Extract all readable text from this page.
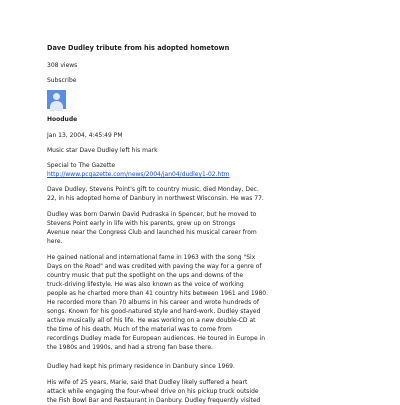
Dave Dudley tribute from his adopted hometown
308 views
Subscribe
Hoodude
Jan 13, 2004, 4:45:49 PM
Music star Dave Dudley left his mark
Special to The Gazette
http://www.pcgazette.com/news/2004/jan04/dudley1-02.htm
Dave Dudley, Stevens Point's gift to country music, died Monday, Dec.
22, in his adopted home of Danbury in northwest Wisconsin. He was 77.
Dudley was born Darwin David Pudraska in Spencer, but he moved to
Stevens Point early in life with his parents, grew up on Strongs
Avenue near the Congress Club and launched his musical career from
here.
He gained national and international fame in 1963 with the song "Six
Days on the Road" and was credited with paving the way for a genre of
country music that put the spotlight on the ups and downs of the
truck-driving lifestyle. He was also known as the voice of working
people as he charted more than 41 country hits between 1961 and 1980.
He recorded more than 70 albums in his career and wrote hundreds of
songs. Known for his good-natured style and hard-work, Dudley stayed
active musically all of his life. He was working on a new double-CD at
the time of his death. Much of the material was to come from
recordings Dudley made for European audiences. He toured in Europe in
the 1980s and 1990s, and had a strong fan base there.
Dudley had kept his primary residence in Danbury since 1969.
His wife of 25 years, Marie, said that Dudley likely suffered a heart
attack while engaging the four-wheel drive on his pickup truck outside
the Fish Bowl Bar and Restaurant in Danbury. Dudley frequently visited
